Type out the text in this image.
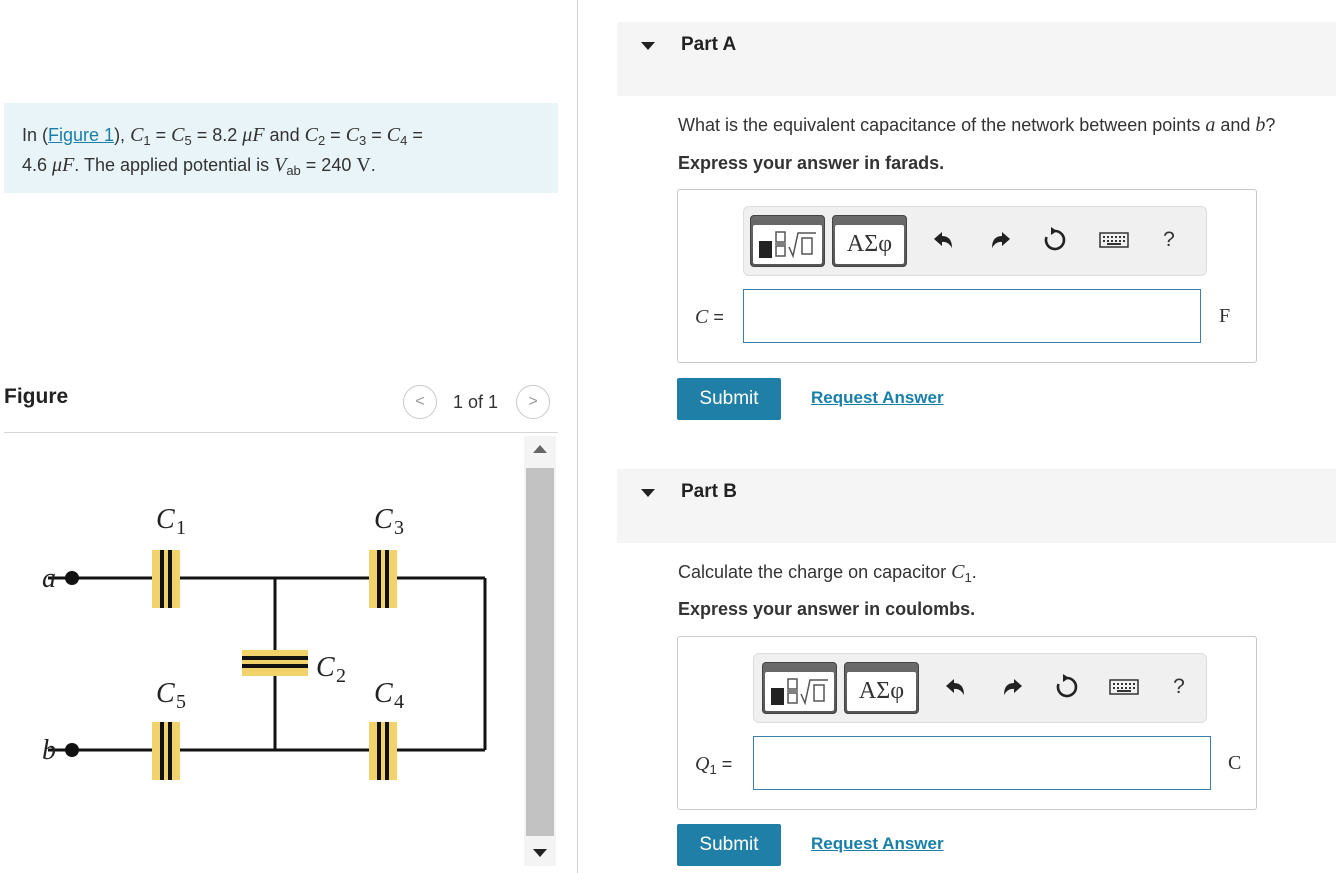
In (Figure 1), $C_1 = C_5 = 8.2$ μF and $C_2 = C_3 = C_4$ =
4.6 μF. The applied potential is $V_{ab} = 240$ V.
Figure	< 1 of 1 >
a
b
C	C
C
C	C
1	3
2
5	4
Part A
What is the equivalent capacitance of the network between points a and b?
Express your answer in farads.
ΑΣφ	?
C =	F
Submit	Request Answer
Part B
Calculate the charge on capacitor $C_1$.
Express your answer in coulombs.
ΑΣφ	?
$Q_1$ =	C
Submit	Request Answer
